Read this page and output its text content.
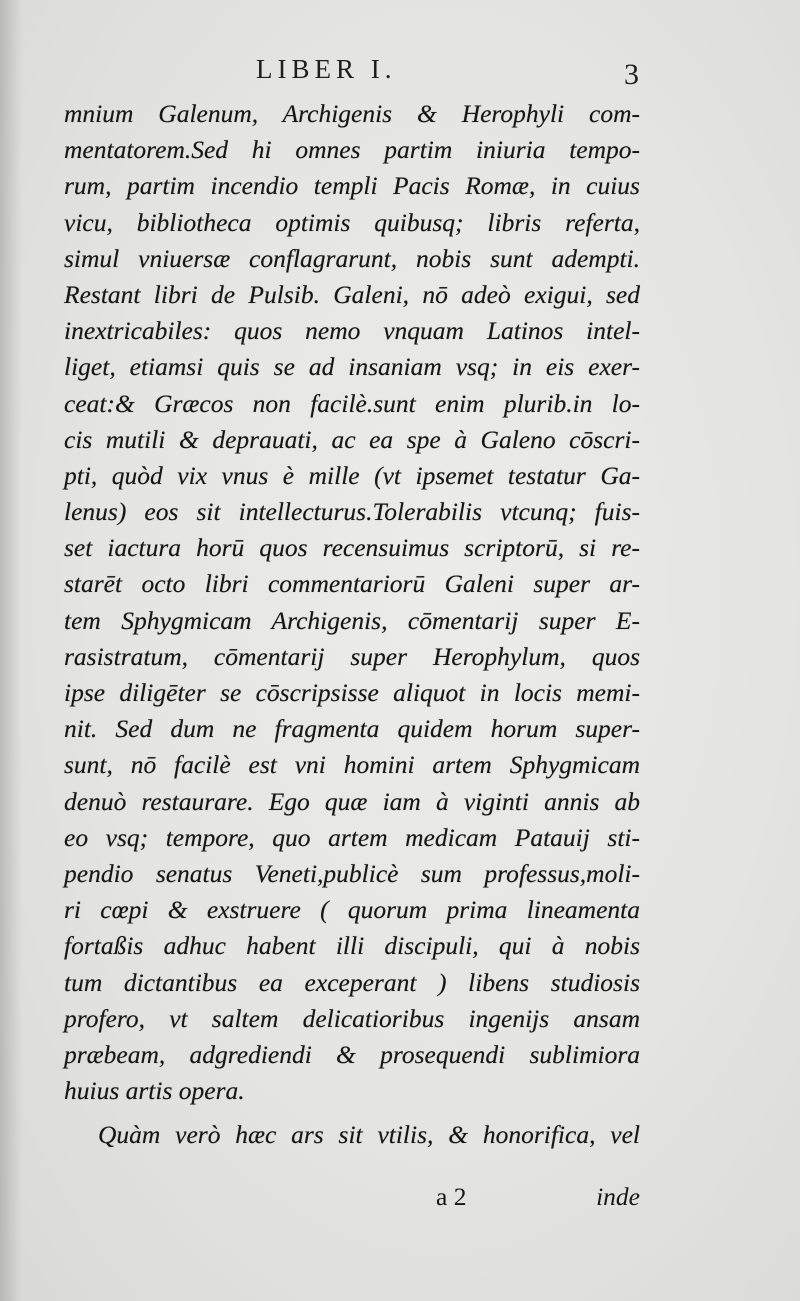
LIBER I.	3
mnium Galenum, Archigenis & Herophyli com-
mentatorem.Sed hi omnes partim iniuria tempo-
rum, partim incendio templi Pacis Romæ, in cuius
vicu, bibliotheca optimis quibusq; libris referta,
simul vniuersæ conflagrarunt, nobis sunt adempti.
Restant libri de Pulsib. Galeni, nō adeò exigui, sed
inextricabiles: quos nemo vnquam Latinos intel-
liget, etiamsi quis se ad insaniam vsq; in eis exer-
ceat:& Græcos non facilè.sunt enim plurib.in lo-
cis mutili & deprauati, ac ea spe à Galeno cōscri-
pti, quòd vix vnus è mille (vt ipsemet testatur Ga-
lenus) eos sit intellecturus.Tolerabilis vtcunq; fuis-
set iactura horū quos recensuimus scriptorū, si re-
starēt octo libri commentariorū Galeni super ar-
tem Sphygmicam Archigenis, cōmentarij super E-
rasistratum, cōmentarij super Herophylum, quos
ipse diligēter se cōscripsisse aliquot in locis memi-
nit. Sed dum ne fragmenta quidem horum super-
sunt, nō facilè est vni homini artem Sphygmicam
denuò restaurare. Ego quæ iam à viginti annis ab
eo vsq; tempore, quo artem medicam Patauij sti-
pendio senatus Veneti,publicè sum professus,moli-
ri cœpi & exstruere ( quorum prima lineamenta
fortaßis adhuc habent illi discipuli, qui à nobis
tum dictantibus ea exceperant ) libens studiosis
profero, vt saltem delicatioribus ingenijs ansam
præbeam, adgrediendi & prosequendi sublimiora
huius artis opera.
Quàm verò hæc ars sit vtilis, & honorifica, vel
a 2	inde
